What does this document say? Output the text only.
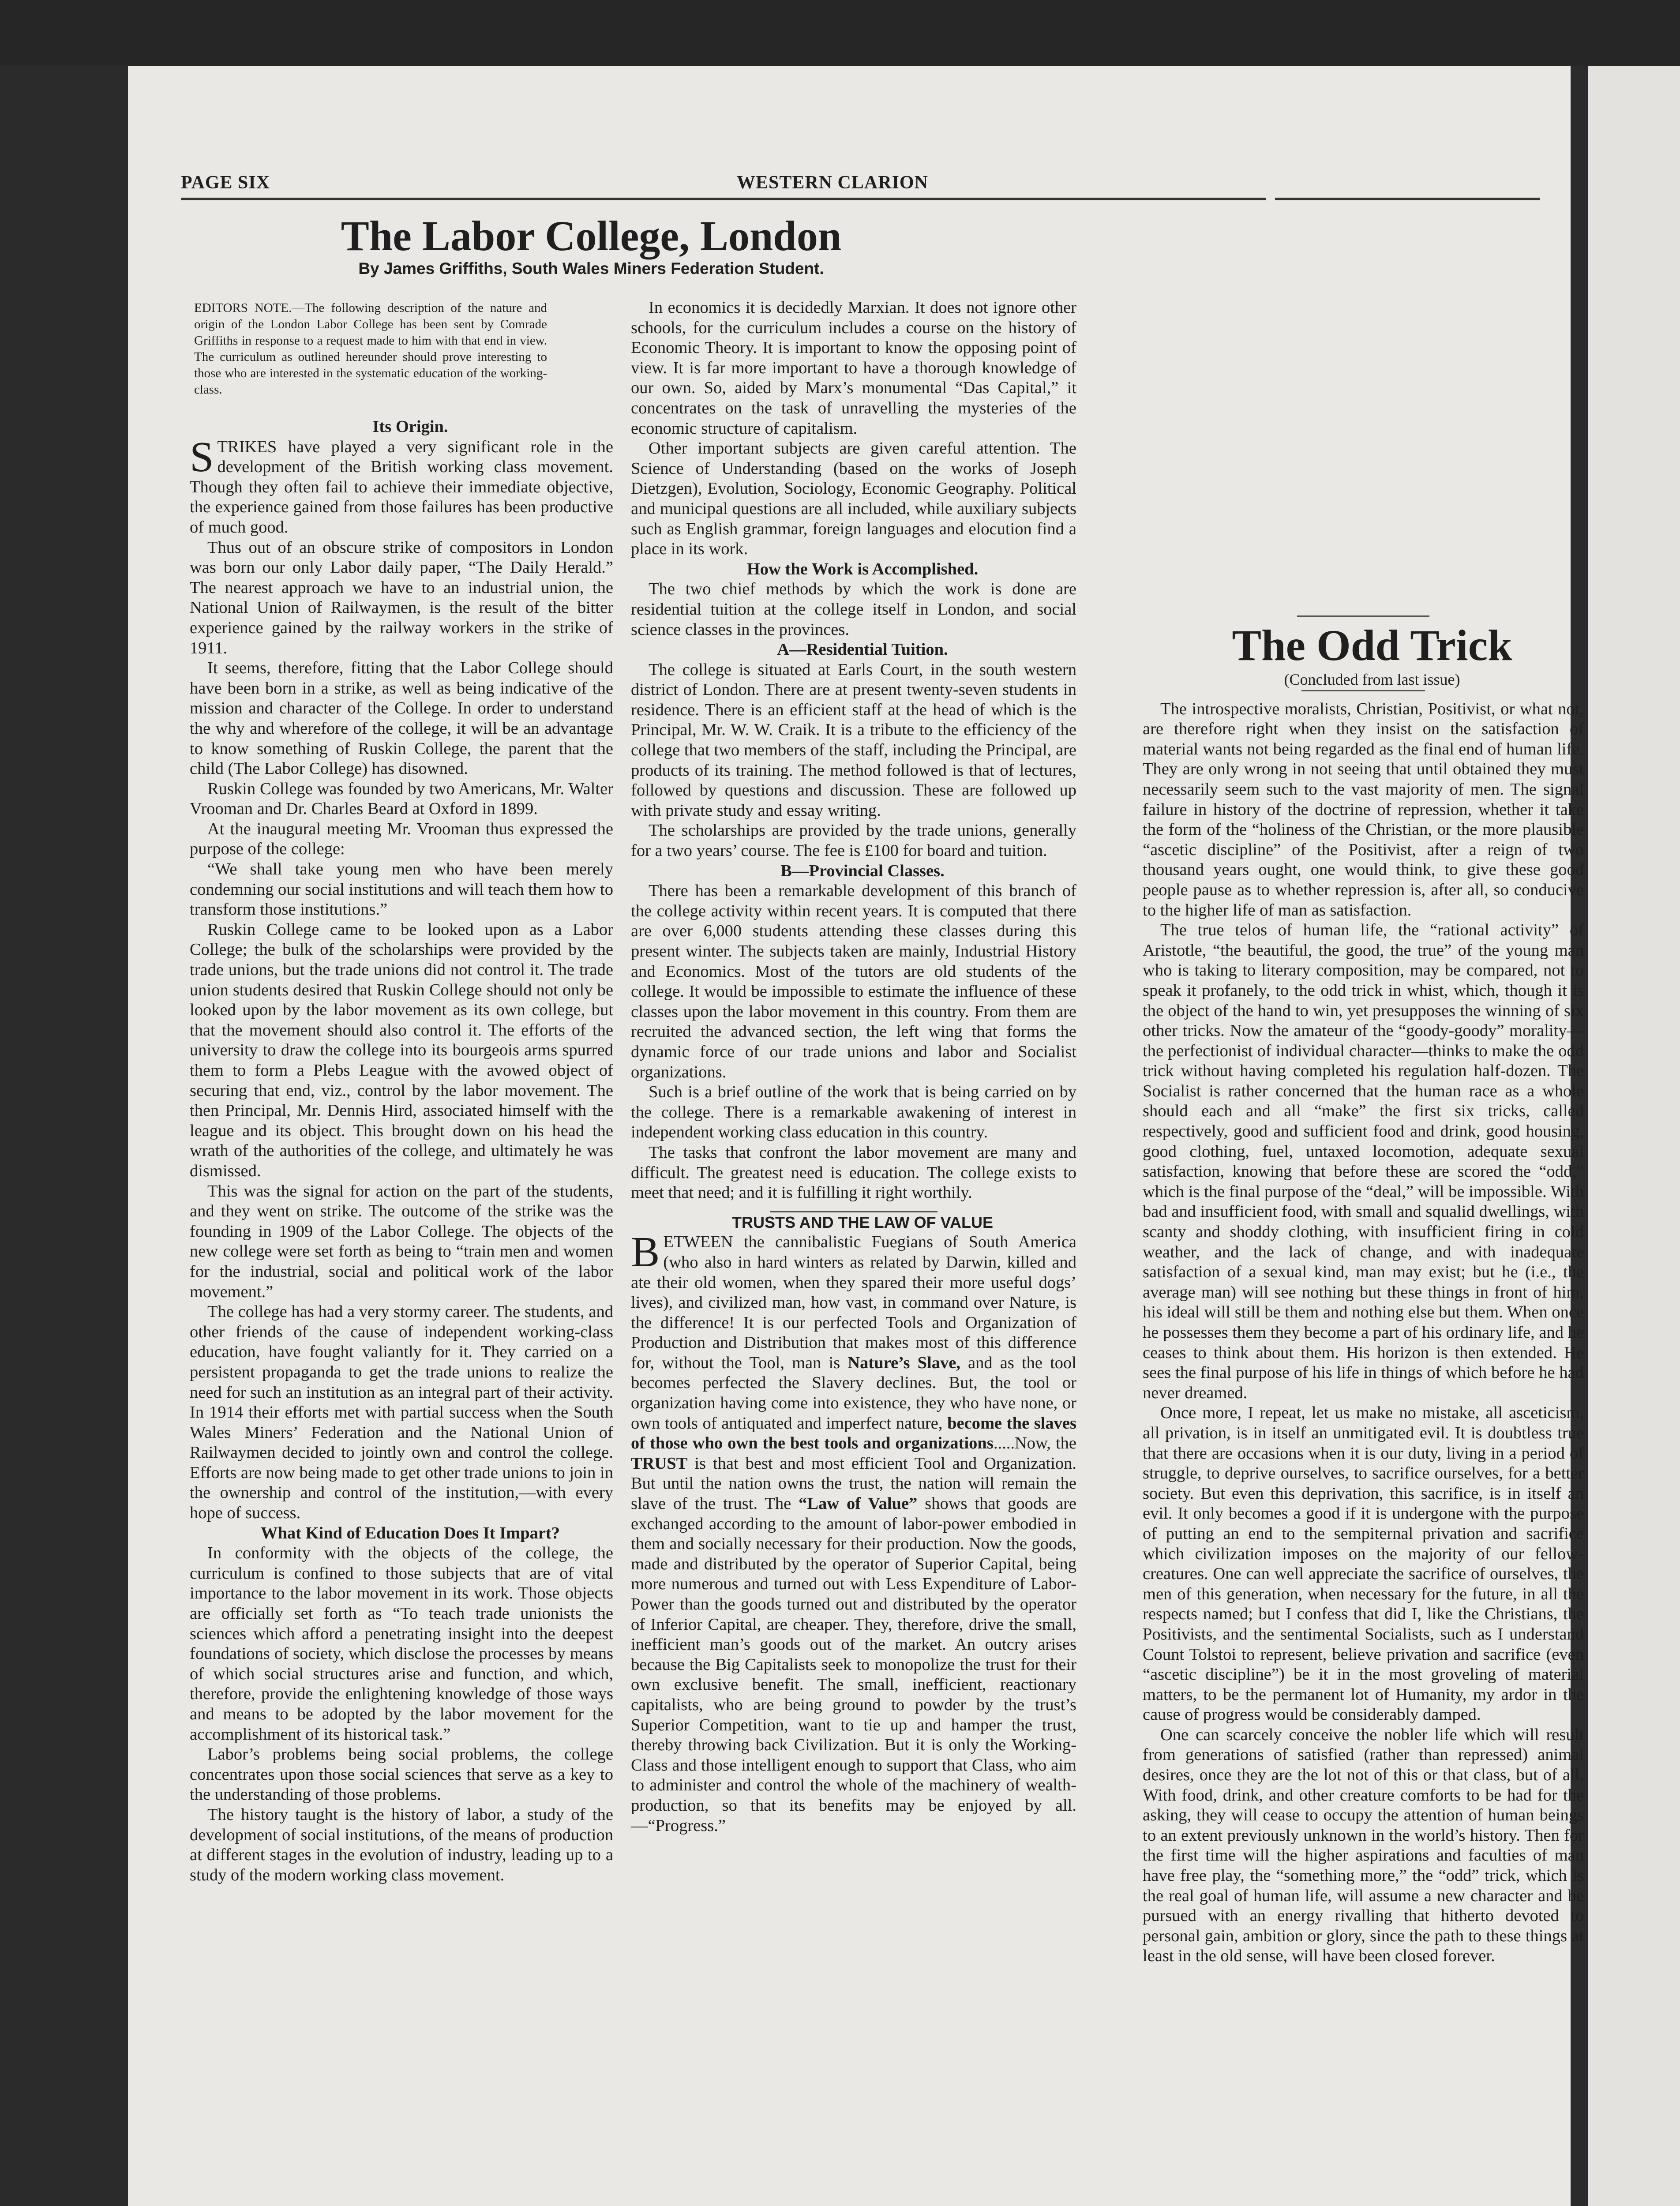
PAGE SIX	WESTERN CLARION
The Labor College, London
By James Griffiths, South Wales Miners Federation Student.
EDITORS NOTE.—The following description of the nature and origin of the London Labor College has been sent by Comrade Griffiths in response to a request made to him with that end in view. The curriculum as outlined hereunder should prove interesting to those who are interested in the systematic education of the working-class.

Its Origin.

STRIKES have played a very significant role in the development of the British working class movement. Though they often fail to achieve their immediate objective, the experience gained from those failures has been productive of much good.

Thus out of an obscure strike of compositors in London was born our only Labor daily paper, “The Daily Herald.” The nearest approach we have to an industrial union, the National Union of Railwaymen, is the result of the bitter experience gained by the railway workers in the strike of 1911.

It seems, therefore, fitting that the Labor College should have been born in a strike, as well as being indicative of the mission and character of the College. In order to understand the why and wherefore of the college, it will be an advantage to know something of Ruskin College, the parent that the child (The Labor College) has disowned.

Ruskin College was founded by two Americans, Mr. Walter Vrooman and Dr. Charles Beard at Oxford in 1899.

At the inaugural meeting Mr. Vrooman thus expressed the purpose of the college:

“We shall take young men who have been merely condemning our social institutions and will teach them how to transform those institutions.”

Ruskin College came to be looked upon as a Labor College; the bulk of the scholarships were provided by the trade unions, but the trade unions did not control it. The trade union students desired that Ruskin College should not only be looked upon by the labor movement as its own college, but that the movement should also control it. The efforts of the university to draw the college into its bourgeois arms spurred them to form a Plebs League with the avowed object of securing that end, viz., control by the labor movement. The then Principal, Mr. Dennis Hird, associated himself with the league and its object. This brought down on his head the wrath of the authorities of the college, and ultimately he was dismissed.

This was the signal for action on the part of the students, and they went on strike. The outcome of the strike was the founding in 1909 of the Labor College. The objects of the new college were set forth as being to “train men and women for the industrial, social and political work of the labor movement.”

The college has had a very stormy career. The students, and other friends of the cause of independent working-class education, have fought valiantly for it. They carried on a persistent propaganda to get the trade unions to realize the need for such an institution as an integral part of their activity. In 1914 their efforts met with partial success when the South Wales Miners’ Federation and the National Union of Railwaymen decided to jointly own and control the college. Efforts are now being made to get other trade unions to join in the ownership and control of the institution,—with every hope of success.

What Kind of Education Does It Impart?

In conformity with the objects of the college, the curriculum is confined to those subjects that are of vital importance to the labor movement in its work. Those objects are officially set forth as “To teach trade unionists the sciences which afford a penetrating insight into the deepest foundations of society, which disclose the processes by means of which social structures arise and function, and which, therefore, provide the enlightening knowledge of those ways and means to be adopted by the labor movement for the accomplishment of its historical task.”

Labor’s problems being social problems, the college concentrates upon those social sciences that serve as a key to the understanding of those problems.

The history taught is the history of labor, a study of the development of social institutions, of the means of production at different stages in the evolution of industry, leading up to a study of the modern working class movement.

In economics it is decidedly Marxian. It does not ignore other schools, for the curriculum includes a course on the history of Economic Theory. It is important to know the opposing point of view. It is far more important to have a thorough knowledge of our own. So, aided by Marx’s monumental “Das Capital,” it concentrates on the task of unravelling the mysteries of the economic structure of capitalism.

Other important subjects are given careful attention. The Science of Understanding (based on the works of Joseph Dietzgen), Evolution, Sociology, Economic Geography. Political and municipal questions are all included, while auxiliary subjects such as English grammar, foreign languages and elocution find a place in its work.

How the Work is Accomplished.

The two chief methods by which the work is done are residential tuition at the college itself in London, and social science classes in the provinces.

A—Residential Tuition.

The college is situated at Earls Court, in the south western district of London. There are at present twenty-seven students in residence. There is an efficient staff at the head of which is the Principal, Mr. W. W. Craik. It is a tribute to the efficiency of the college that two members of the staff, including the Principal, are products of its training. The method followed is that of lectures, followed by questions and discussion. These are followed up with private study and essay writing.

The scholarships are provided by the trade unions, generally for a two years’ course. The fee is £100 for board and tuition.

B—Provincial Classes.

There has been a remarkable development of this branch of the college activity within recent years. It is computed that there are over 6,000 students attending these classes during this present winter. The subjects taken are mainly, Industrial History and Economics. Most of the tutors are old students of the college. It would be impossible to estimate the influence of these classes upon the labor movement in this country. From them are recruited the advanced section, the left wing that forms the dynamic force of our trade unions and labor and Socialist organizations.

Such is a brief outline of the work that is being carried on by the college. There is a remarkable awakening of interest in independent working class education in this country.

The tasks that confront the labor movement are many and difficult. The greatest need is education. The college exists to meet that need; and it is fulfilling it right worthily.

TRUSTS AND THE LAW OF VALUE

BETWEEN the cannibalistic Fuegians of South America (who also in hard winters as related by Darwin, killed and ate their old women, when they spared their more useful dogs’ lives), and civilized man, how vast, in command over Nature, is the difference! It is our perfected Tools and Organization of Production and Distribution that makes most of this difference for, without the Tool, man is Nature’s Slave, and as the tool becomes perfected the Slavery declines. But, the tool or organization having come into existence, they who have none, or own tools of antiquated and imperfect nature, become the slaves of those who own the best tools and organizations.....Now, the TRUST is that best and most efficient Tool and Organization. But until the nation owns the trust, the nation will remain the slave of the trust. The “Law of Value” shows that goods are exchanged according to the amount of labor-power embodied in them and socially necessary for their production. Now the goods, made and distributed by the operator of Superior Capital, being more numerous and turned out with Less Expenditure of Labor-Power than the goods turned out and distributed by the operator of Inferior Capital, are cheaper. They, therefore, drive the small, inefficient man’s goods out of the market. An outcry arises because the Big Capitalists seek to monopolize the trust for their own exclusive benefit. The small, inefficient, reactionary capitalists, who are being ground to powder by the trust’s Superior Competition, want to tie up and hamper the trust, thereby throwing back Civilization. But it is only the Working-Class and those intelligent enough to support that Class, who aim to administer and control the whole of the machinery of wealth-production, so that its benefits may be enjoyed by all.—“Progress.”

The Odd Trick

(Concluded from last issue)

The introspective moralists, Christian, Positivist, or what not, are therefore right when they insist on the satisfaction of material wants not being regarded as the final end of human life. They are only wrong in not seeing that until obtained they must necessarily seem such to the vast majority of men. The signal failure in history of the doctrine of repression, whether it take the form of the “holiness of the Christian, or the more plausible “ascetic discipline” of the Positivist, after a reign of two thousand years ought, one would think, to give these good people pause as to whether repression is, after all, so conducive to the higher life of man as satisfaction.

The true telos of human life, the “rational activity” of Aristotle, “the beautiful, the good, the true” of the young man who is taking to literary composition, may be compared, not to speak it profanely, to the odd trick in whist, which, though it is the object of the hand to win, yet presupposes the winning of six other tricks. Now the amateur of the “goody-goody” morality—the perfectionist of individual character—thinks to make the odd trick without having completed his regulation half-dozen. The Socialist is rather concerned that the human race as a whole should each and all “make” the first six tricks, called respectively, good and sufficient food and drink, good housing, good clothing, fuel, untaxed locomotion, adequate sexual satisfaction, knowing that before these are scored the “odd,” which is the final purpose of the “deal,” will be impossible. With bad and insufficient food, with small and squalid dwellings, with scanty and shoddy clothing, with insufficient firing in cold weather, and the lack of change, and with inadequate satisfaction of a sexual kind, man may exist; but he (i.e., the average man) will see nothing but these things in front of him, his ideal will still be them and nothing else but them. When once he possesses them they become a part of his ordinary life, and he ceases to think about them. His horizon is then extended. He sees the final purpose of his life in things of which before he had never dreamed.

Once more, I repeat, let us make no mistake, all asceticism, all privation, is in itself an unmitigated evil. It is doubtless true that there are occasions when it is our duty, living in a period of struggle, to deprive ourselves, to sacrifice ourselves, for a better society. But even this deprivation, this sacrifice, is in itself an evil. It only becomes a good if it is undergone with the purpose of putting an end to the sempiternal privation and sacrifice which civilization imposes on the majority of our fellow-creatures. One can well appreciate the sacrifice of ourselves, the men of this generation, when necessary for the future, in all the respects named; but I confess that did I, like the Christians, the Positivists, and the sentimental Socialists, such as I understand Count Tolstoi to represent, believe privation and sacrifice (even “ascetic discipline”) be it in the most groveling of material matters, to be the permanent lot of Humanity, my ardor in the cause of progress would be considerably damped.

One can scarcely conceive the nobler life which will result from generations of satisfied (rather than repressed) animal desires, once they are the lot not of this or that class, but of all. With food, drink, and other creature comforts to be had for the asking, they will cease to occupy the attention of human beings to an extent previously unknown in the world’s history. Then for the first time will the higher aspirations and faculties of man have free play, the “something more,” the “odd” trick, which is the real goal of human life, will assume a new character and be pursued with an energy rivalling that hitherto devoted to personal gain, ambition or glory, since the path to these things at least in the old sense, will have been closed forever.
